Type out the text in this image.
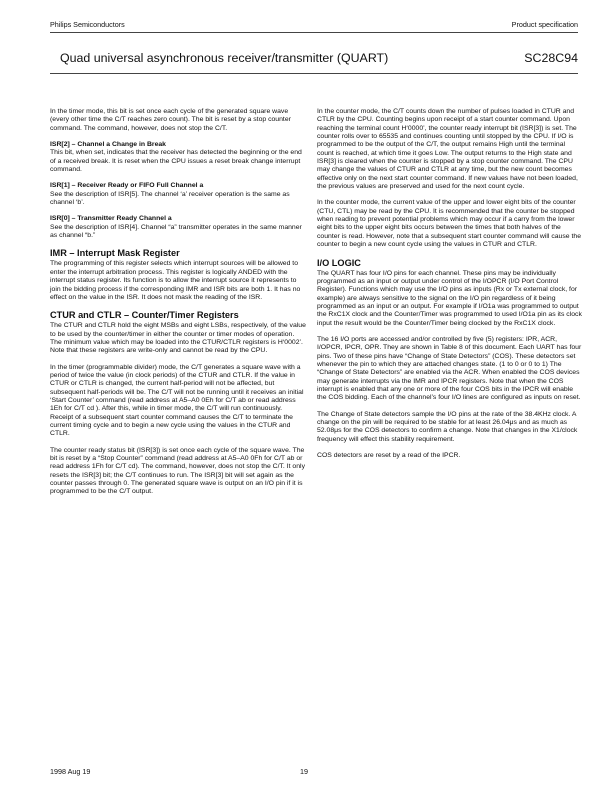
Philips Semiconductors	Product specification
Quad universal asynchronous receiver/transmitter (QUART)	SC28C94

In the timer mode, this bit is set once each cycle of the generated square wave (every other time the C/T reaches zero count). The bit is reset by a stop counter command. The command, however, does not stop the C/T.

ISR[2] – Channel a Change in Break
This bit, when set, indicates that the receiver has detected the beginning or the end of a received break. It is reset when the CPU issues a reset break change interrupt command.

ISR[1] – Receiver Ready or FIFO Full Channel a
See the description of ISR[5]. The channel ‘a’ receiver operation is the same as channel ‘b’.

ISR[0] – Transmitter Ready Channel a
See the description of ISR[4]. Channel “a” transmitter operates in the same manner as channel “b.”

IMR – Interrupt Mask Register

The programming of this register selects which interrupt sources will be allowed to enter the interrupt arbitration process. This register is logically ANDED with the interrupt status register. Its function is to allow the interrupt source it represents to join the bidding process if the corresponding IMR and ISR bits are both 1. It has no effect on the value in the ISR. It does not mask the reading of the ISR.

CTUR and CTLR – Counter/Timer Registers

The CTUR and CTLR hold the eight MSBs and eight LSBs, respectively, of the value to be used by the counter/timer in either the counter or timer modes of operation. The minimum value which may be loaded into the CTUR/CTLR registers is H‘0002’. Note that these registers are write-only and cannot be read by the CPU.

In the timer (programmable divider) mode, the C/T generates a square wave with a period of twice the value (in clock periods) of the CTUR and CTLR. If the value in CTUR or CTLR is changed, the current half-period will not be affected, but subsequent half-periods will be. The C/T will not be running until it receives an initial ‘Start Counter’ command (read address at A5–A0 0Eh for C/T ab or read address 1Eh for C/T cd ). After this, while in timer mode, the C/T will run continuously. Receipt of a subsequent start counter command causes the C/T to terminate the current timing cycle and to begin a new cycle using the values in the CTUR and CTLR.

The counter ready status bit (ISR[3]) is set once each cycle of the square wave. The bit is reset by a “Stop Counter” command (read address at A5–A0 0Fh for C/T ab or read address 1Fh for C/T cd). The command, however, does not stop the C/T. It only resets the ISR[3] bit; the C/T continues to run. The ISR[3] bit will set again as the counter passes through 0. The generated square wave is output on an I/O pin if it is programmed to be the C/T output.

In the counter mode, the C/T counts down the number of pulses loaded in CTUR and CTLR by the CPU. Counting begins upon receipt of a start counter command. Upon reaching the terminal count H‘0000’, the counter ready interrupt bit (ISR[3]) is set. The counter rolls over to 65535 and continues counting until stopped by the CPU. If I/O is programmed to be the output of the C/T, the output remains High until the terminal count is reached, at which time it goes Low. The output returns to the High state and ISR[3] is cleared when the counter is stopped by a stop counter command. The CPU may change the values of CTUR and CTLR at any time, but the new count becomes effective only on the next start counter command. If new values have not been loaded, the previous values are preserved and used for the next count cycle.

In the counter mode, the current value of the upper and lower eight bits of the counter (CTU, CTL) may be read by the CPU. It is recommended that the counter be stopped when reading to prevent potential problems which may occur if a carry from the lower eight bits to the upper eight bits occurs between the times that both halves of the counter is read. However, note that a subsequent start counter command will cause the counter to begin a new count cycle using the values in CTUR and CTLR.

I/O LOGIC

The QUART has four I/O pins for each channel. These pins may be individually programmed as an input or output under control of the I/OPCR (I/O Port Control Register). Functions which may use the I/O pins as inputs (Rx or Tx external clock, for example) are always sensitive to the signal on the I/O pin regardless of it being programmed as an input or an output. For example if I/O1a was programmed to output the RxC1X clock and the Counter/Timer was programmed to used I/O1a pin as its clock input the result would be the Counter/Timer being clocked by the RxC1X clock.

The 16 I/O ports are accessed and/or controlled by five (5) registers: IPR, ACR, I/OPCR, IPCR, OPR. They are shown in Table 8 of this document. Each UART has four pins. Two of these pins have “Change of State Detectors” (COS). These detectors set whenever the pin to which they are attached changes state. (1 to 0 or 0 to 1) The “Change of State Detectors” are enabled via the ACR. When enabled the COS devices may generate interrupts via the IMR and IPCR registers. Note that when the COS interrupt is enabled that any one or more of the four COS bits in the IPCR will enable the COS bidding. Each of the channel’s four I/O lines are configured as inputs on reset.

The Change of State detectors sample the I/O pins at the rate of the 38.4KHz clock. A change on the pin will be required to be stable for at least 26.04μs and as much as 52.08μs for the COS detectors to confirm a change. Note that changes in the X1/clock frequency will effect this stability requirement.

COS detectors are reset by a read of the IPCR.

1998 Aug 19	19
